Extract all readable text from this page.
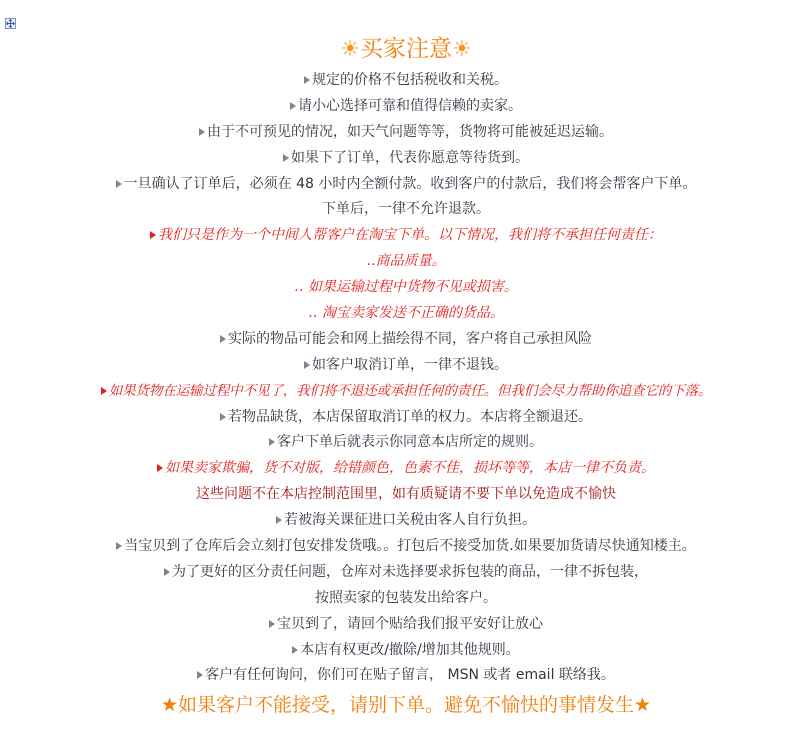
☀买家注意☀
规定的价格不包括税收和关税。
请小心选择可靠和值得信赖的卖家。
由于不可预见的情况，如天气问题等等，货物将可能被延迟运输。
如果下了订单，代表你愿意等待货到。
一旦确认了订单后，必须在 48 小时内全额付款。收到客户的付款后，我们将会帮客户下单。
下单后，一律不允许退款。
我们只是作为一个中间人帮客户在淘宝下单。以下情况，我们将不承担任何责任：
‥商品质量。
‥ 如果运输过程中货物不见或损害。
‥ 淘宝卖家发送不正确的货品。
实际的物品可能会和网上描绘得不同，客户将自己承担风险
如客户取消订单，一律不退钱。
如果货物在运输过程中不见了，我们将不退还或承担任何的责任。但我们会尽力帮助你追查它的下落。
若物品缺货，本店保留取消订单的权力。本店将全额退还。
客户下单后就表示你同意本店所定的规则。
如果卖家欺骗，货不对版，给错颜色，色素不佳，损坏等等，本店一律不负责。
这些问题不在本店控制范围里，如有质疑请不要下单以免造成不愉快
若被海关课征进口关税由客人自行负担。
当宝贝到了仓库后会立刻打包安排发货哦。。打包后不接受加货.如果要加货请尽快通知楼主。
为了更好的区分责任问题，仓库对未选择要求拆包装的商品，一律不拆包装，
按照卖家的包装发出给客户。
宝贝到了，请回个贴给我们报平安好让放心
本店有权更改/撤除/增加其他规则。
客户有任何询问，你们可在贴子留言， MSN 或者 email 联络我。
★如果客户不能接受，请别下单。避免不愉快的事情发生★
